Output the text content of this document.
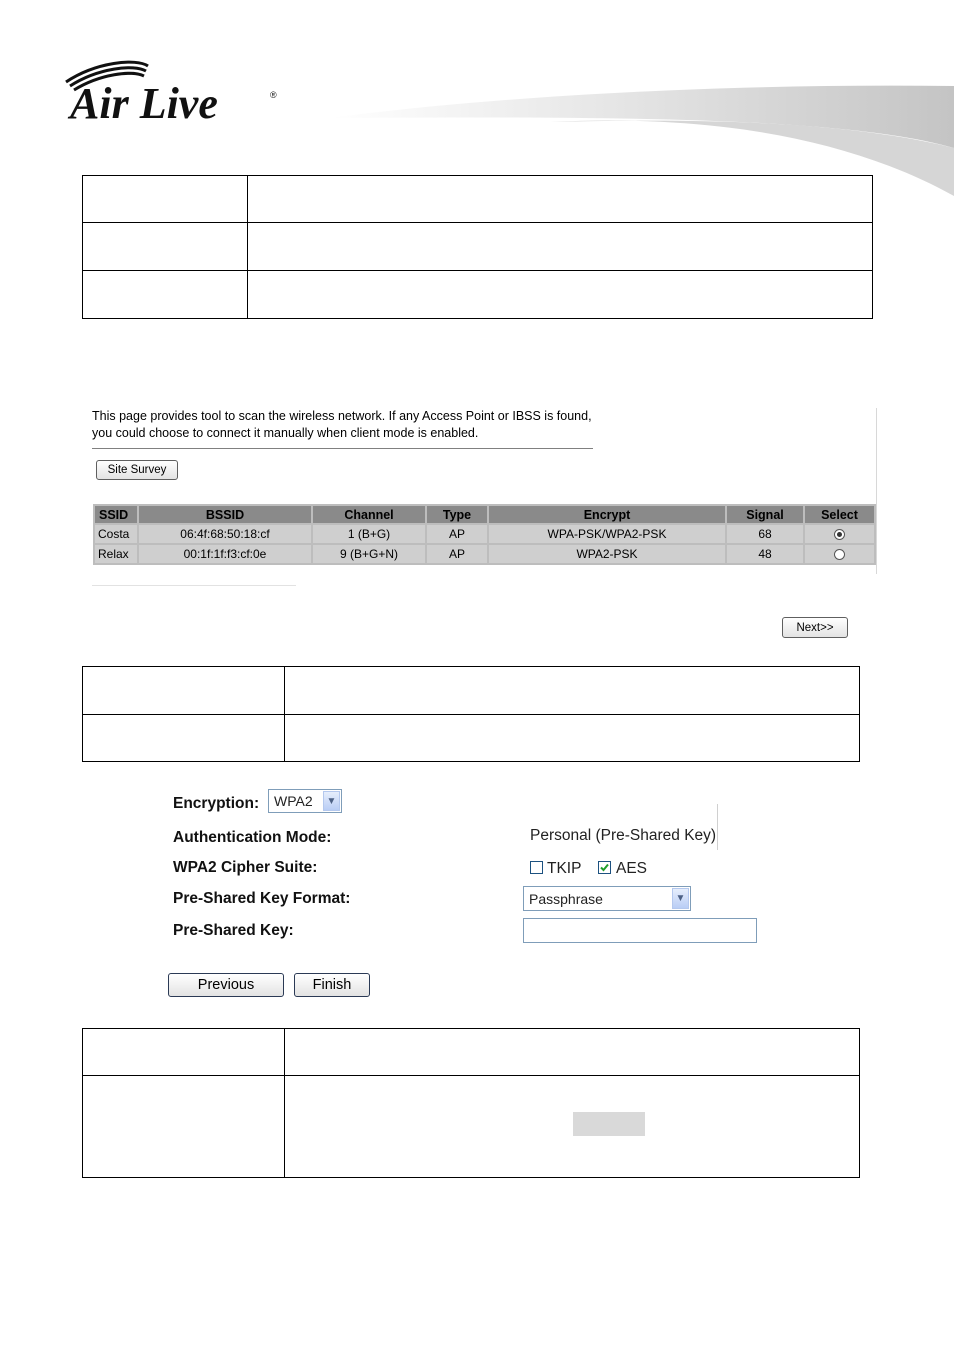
Air Live	®

This page provides tool to scan the wireless network. If any Access Point or IBSS is found, you could choose to connect it manually when client mode is enabled.
Site Survey
SSID	BSSID	Channel	Type	Encrypt	Signal	Select
Costa	06:4f:68:50:18:cf	1 (B+G)	AP	WPA-PSK/WPA2-PSK	68	
Relax	00:1f:1f:f3:cf:0e	9 (B+G+N)	AP	WPA2-PSK	48	
Next>>

Encryption: WPA2	▼
Authentication Mode:	Personal (Pre-Shared Key)
WPA2 Cipher Suite:	TKIP AES
Pre-Shared Key Format:	Passphrase	▼
Pre-Shared Key:
Previous	Finish
